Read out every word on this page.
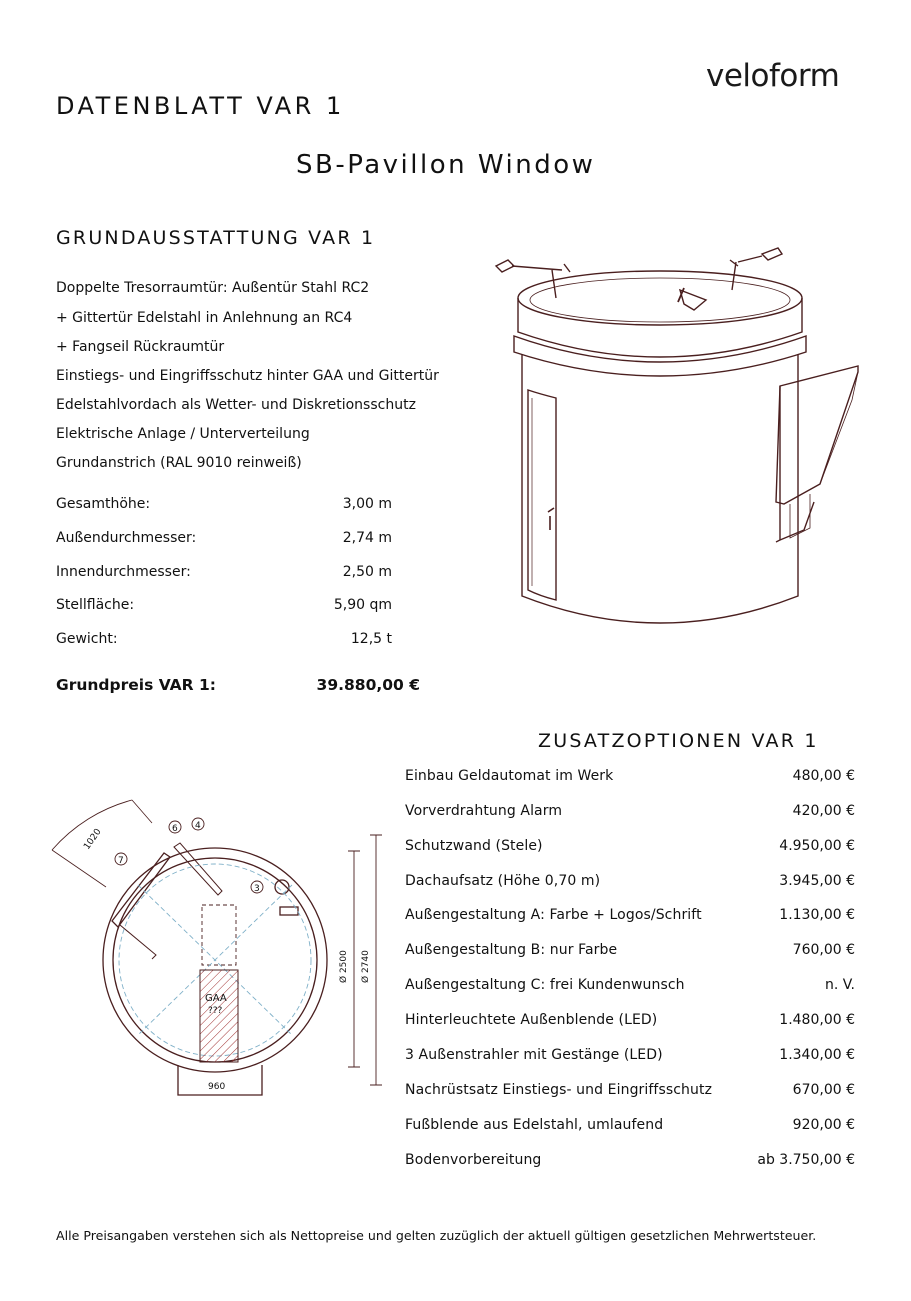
veloform
DATENBLATT VAR 1
SB-Pavillon Window
GRUNDAUSSTATTUNG VAR 1
Doppelte Tresorraumtür: Außentür Stahl RC2
+ Gittertür Edelstahl in Anlehnung an RC4
+ Fangseil Rückraumtür
Einstiegs- und Eingriffsschutz hinter GAA und Gittertür
Edelstahlvordach als Wetter- und Diskretionsschutz
Elektrische Anlage / Unterverteilung
Grundanstrich (RAL 9010 reinweiß)
Gesamthöhe:	3,00 m
Außendurchmesser:	2,74 m
Innendurchmesser:	2,50 m
Stellfläche:	5,90 qm
Gewicht:	12,5 t
Grundpreis VAR 1:	39.880,00 €
GAA
???
7
6 4
3
1020
960
Ø 2500 Ø 2740
ZUSATZOPTIONEN VAR 1
Einbau Geldautomat im Werk	480,00 €
Vorverdrahtung Alarm	420,00 €
Schutzwand (Stele)	4.950,00 €
Dachaufsatz (Höhe 0,70 m)	3.945,00 €
Außengestaltung A: Farbe + Logos/Schrift	1.130,00 €
Außengestaltung B: nur Farbe	760,00 €
Außengestaltung C: frei Kundenwunsch	n. V.
Hinterleuchtete Außenblende (LED)	1.480,00 €
3 Außenstrahler mit Gestänge (LED)	1.340,00 €
Nachrüstsatz Einstiegs- und Eingriffsschutz	670,00 €
Fußblende aus Edelstahl, umlaufend	920,00 €
Bodenvorbereitung	ab 3.750,00 €
Alle Preisangaben verstehen sich als Nettopreise und gelten zuzüglich der aktuell gültigen gesetzlichen Mehrwertsteuer.
